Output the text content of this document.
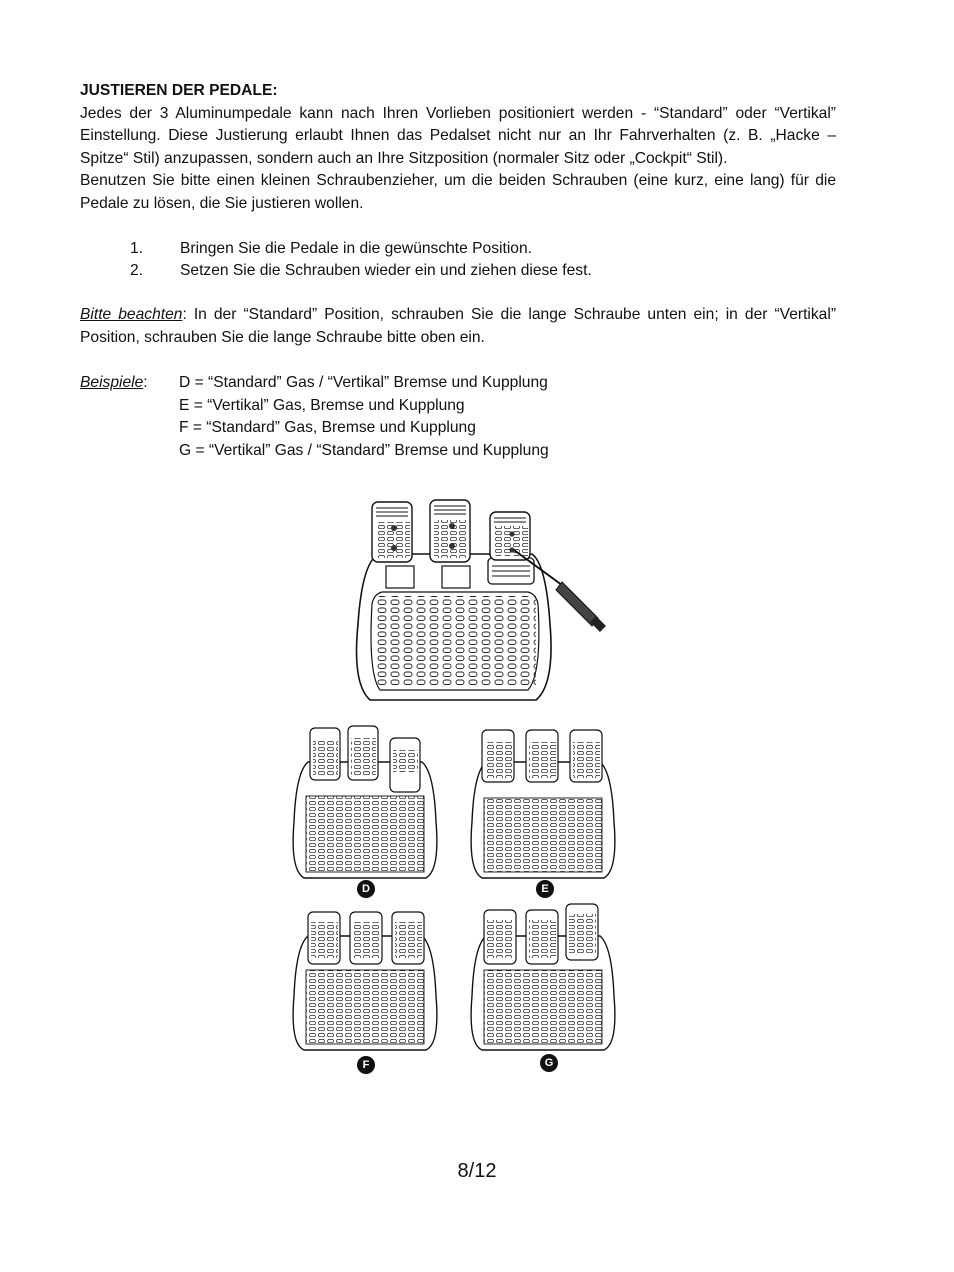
JUSTIEREN DER PEDALE:
Jedes der 3 Aluminumpedale kann nach Ihren Vorlieben positioniert werden - “Standard” oder “Vertikal” Einstellung. Diese Justierung erlaubt Ihnen das Pedalset nicht nur an Ihr Fahrverhalten (z. B. „Hacke – Spitze“ Stil) anzupassen, sondern auch an Ihre Sitzposition (normaler Sitz oder „Cockpit“ Stil).
Benutzen Sie bitte einen kleinen Schraubenzieher, um die beiden Schrauben (eine kurz, eine lang) für die Pedale zu lösen, die Sie justieren wollen.
1.	Bringen Sie die Pedale in die gewünschte Position.
2.	Setzen Sie die Schrauben wieder ein und ziehen diese fest.
Bitte beachten: In der “Standard” Position, schrauben Sie die lange Schraube unten ein; in der “Vertikal” Position, schrauben Sie die lange Schraube bitte oben ein.
Beispiele: D = “Standard” Gas / “Vertikal” Bremse und Kupplung
E = “Vertikal” Gas, Bremse und Kupplung
F = “Standard” Gas, Bremse und Kupplung
G = “Vertikal” Gas / “Standard” Bremse und Kupplung
D	E
F	G
8/12
